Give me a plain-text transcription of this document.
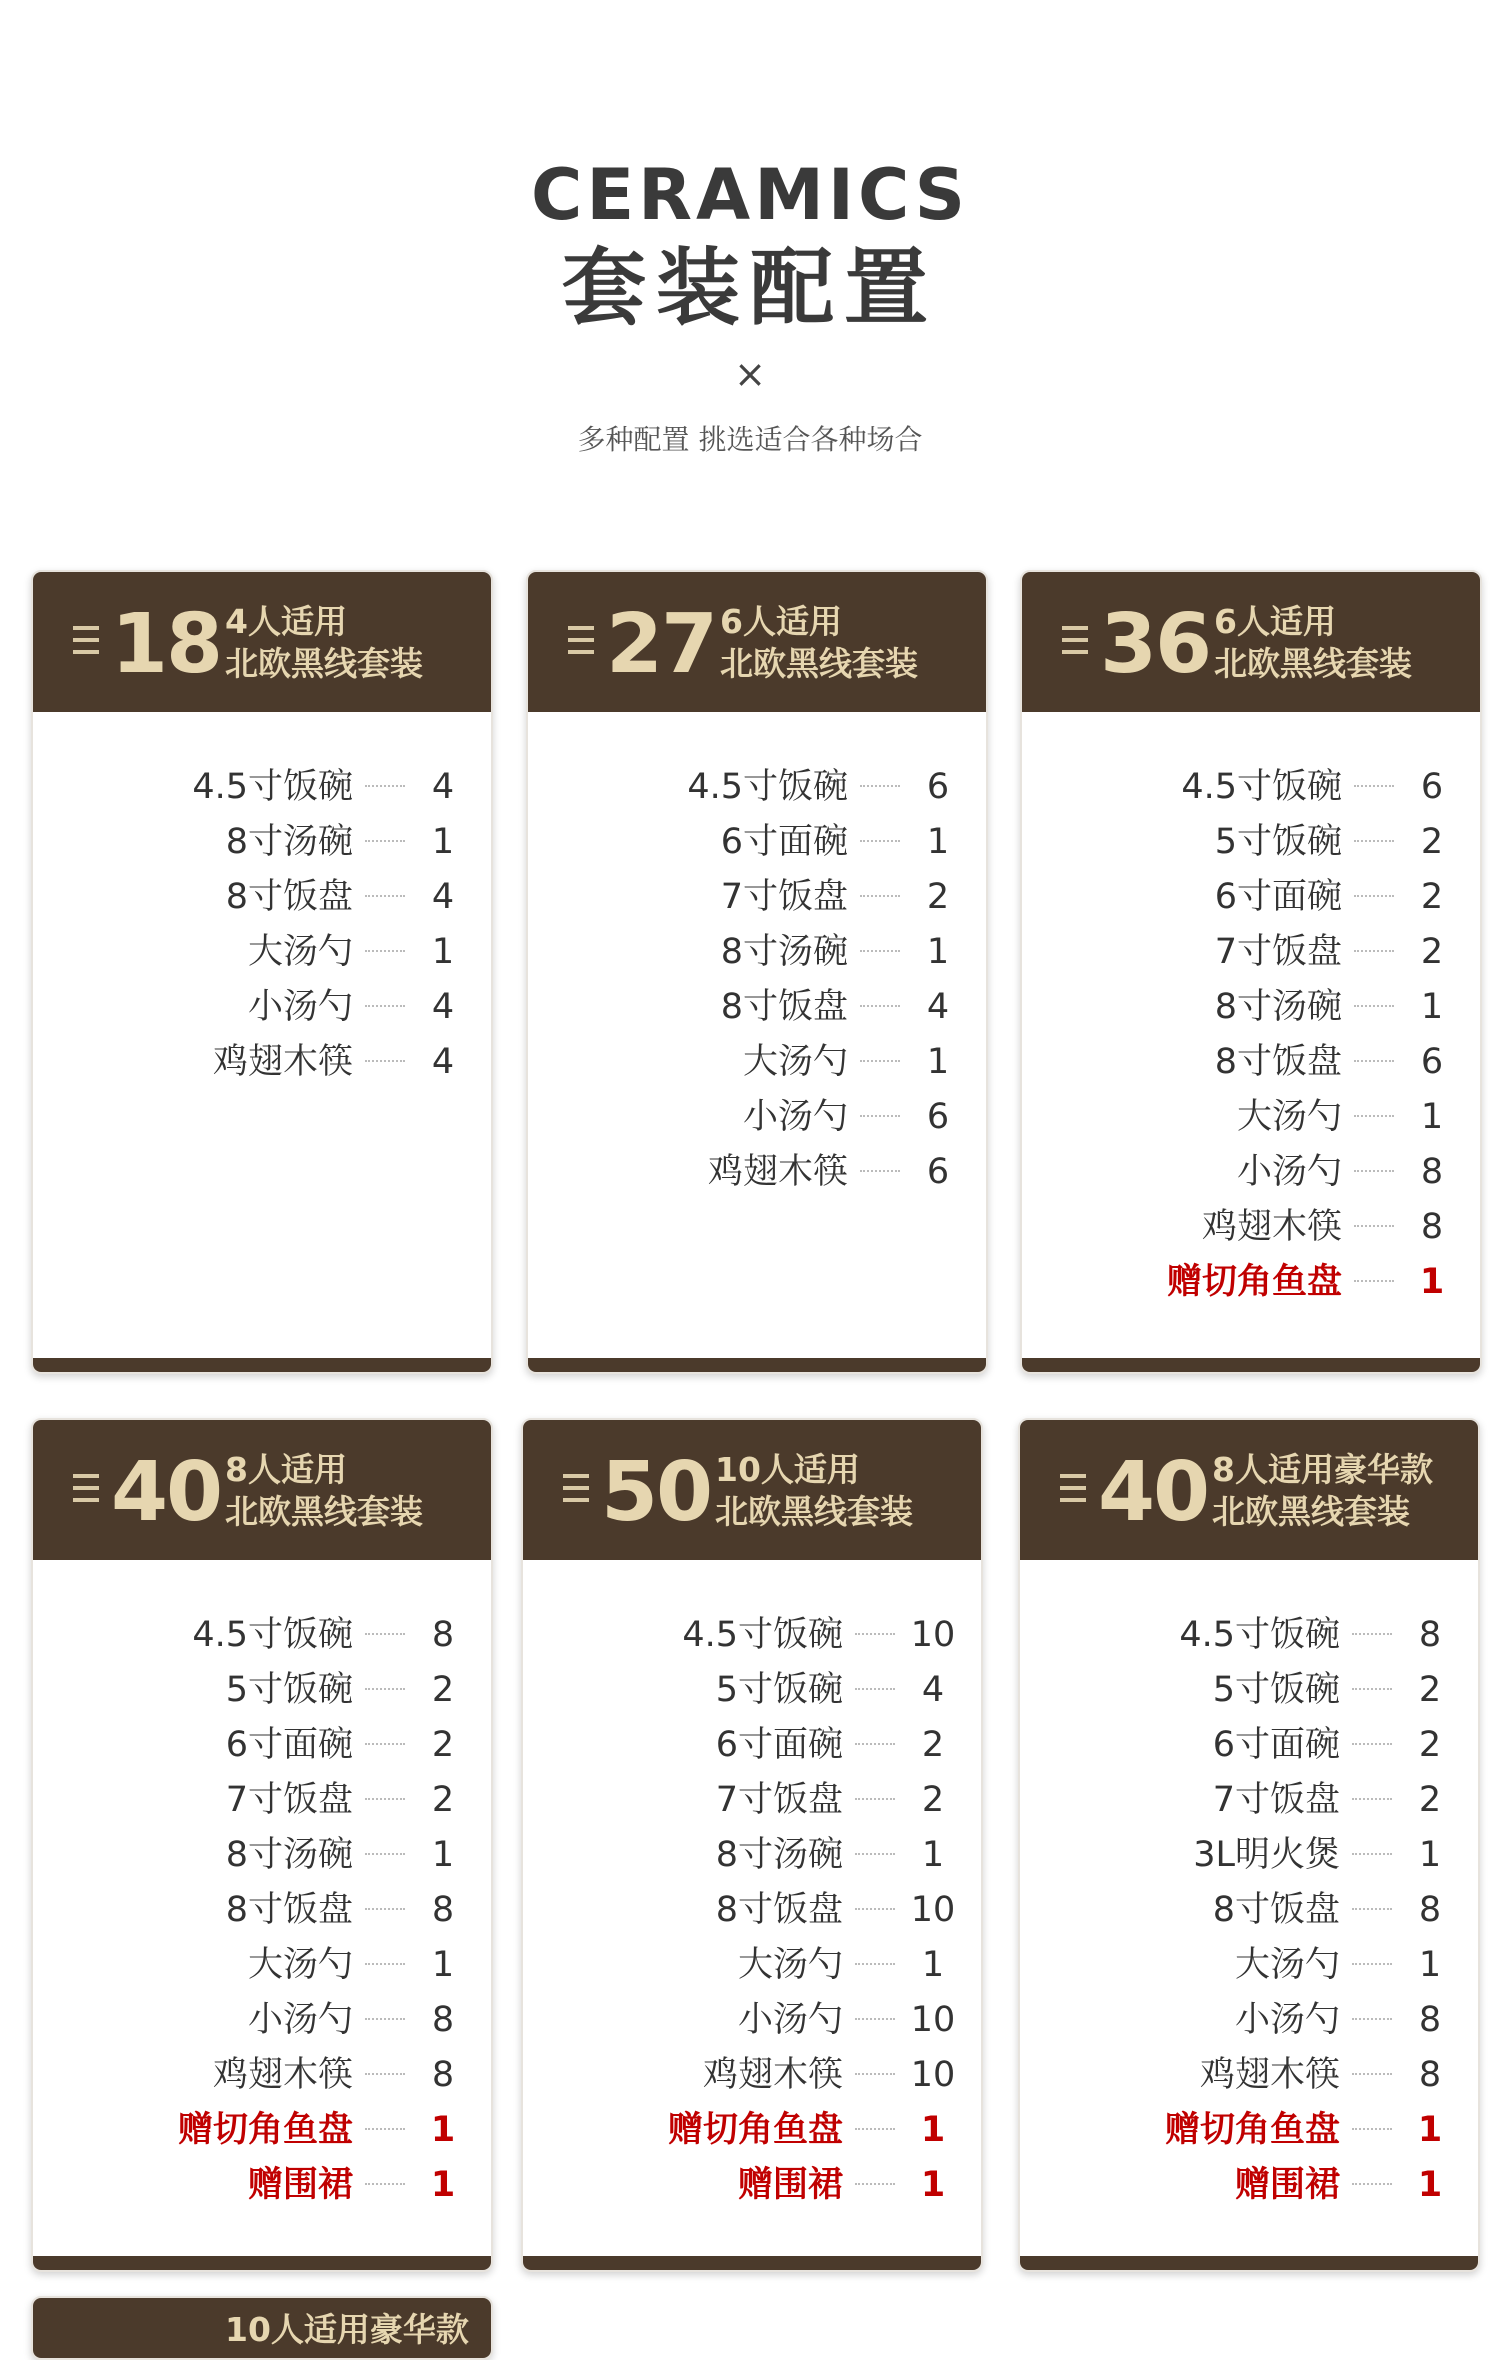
CERAMICS
套装配置
×
多种配置 挑选适合各种场合
18 4人适用
北欧黑线套装
4.5寸饭碗	4
8寸汤碗	1
8寸饭盘	4
大汤勺	1
小汤勺	4
鸡翅木筷	4
27 6人适用
北欧黑线套装
4.5寸饭碗	6
6寸面碗	1
7寸饭盘	2
8寸汤碗	1
8寸饭盘	4
大汤勺	1
小汤勺	6
鸡翅木筷	6
36 6人适用
北欧黑线套装
4.5寸饭碗	6
5寸饭碗	2
6寸面碗	2
7寸饭盘	2
8寸汤碗	1
8寸饭盘	6
大汤勺	1
小汤勺	8
鸡翅木筷	8
赠切角鱼盘	1
40 8人适用
北欧黑线套装
4.5寸饭碗	8
5寸饭碗	2
6寸面碗	2
7寸饭盘	2
8寸汤碗	1
8寸饭盘	8
大汤勺	1
小汤勺	8
鸡翅木筷	8
赠切角鱼盘	1
赠围裙	1
50 10人适用
北欧黑线套装
4.5寸饭碗 10
5寸饭碗	4
6寸面碗	2
7寸饭盘	2
8寸汤碗	1
8寸饭盘 10
大汤勺	1
小汤勺 10
鸡翅木筷 10
赠切角鱼盘	1
赠围裙	1
40 8人适用豪华款
北欧黑线套装
4.5寸饭碗	8
5寸饭碗	2
6寸面碗	2
7寸饭盘	2
3L明火煲	1
8寸饭盘	8
大汤勺	1
小汤勺	8
鸡翅木筷	8
赠切角鱼盘	1
赠围裙	1
10人适用豪华款
